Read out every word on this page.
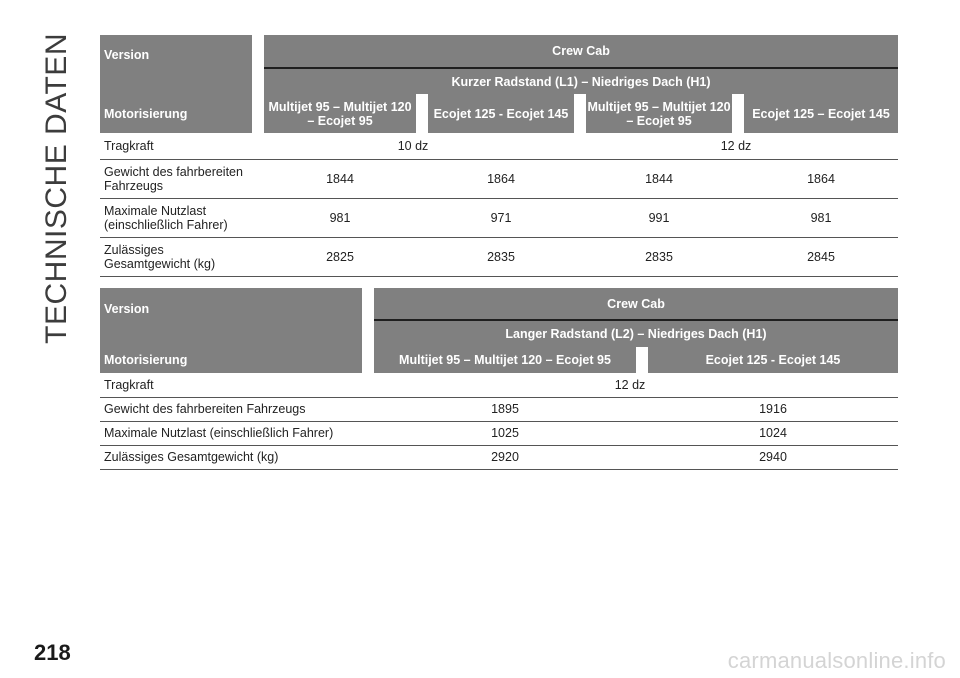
TECHNISCHE DATEN Version		Crew Cab						
		Kurzer Radstand (L1) – Niedriges Dach (H1)						
Motorisierung		Multijet 95 – Multijet 120 – Ecojet 95		Ecojet 125 - Ecojet 145		Multijet 95 – Multijet 120 – Ecojet 95		Ecojet 125 – Ecojet 145
Tragkraft	10 dz				12 dz			
Gewicht des fahrbereiten Fahrzeugs		1844		1864		1844		1864
Maximale Nutzlast (einschließlich Fahrer)		981		971		991		981
Zulässiges Gesamtgewicht (kg)		2825		2835		2835		2845
Version		Crew Cab		
		Langer Radstand (L2) – Niedriges Dach (H1)		
Motorisierung		Multijet 95 – Multijet 120 – Ecojet 95		Ecojet 125 - Ecojet 145
Tragkraft	12 dz			
Gewicht des fahrbereiten Fahrzeugs		1895		1916
Maximale Nutzlast (einschließlich Fahrer)		1025		1024
Zulässiges Gesamtgewicht (kg)		2920		2940
218	carmanualsonline.info
